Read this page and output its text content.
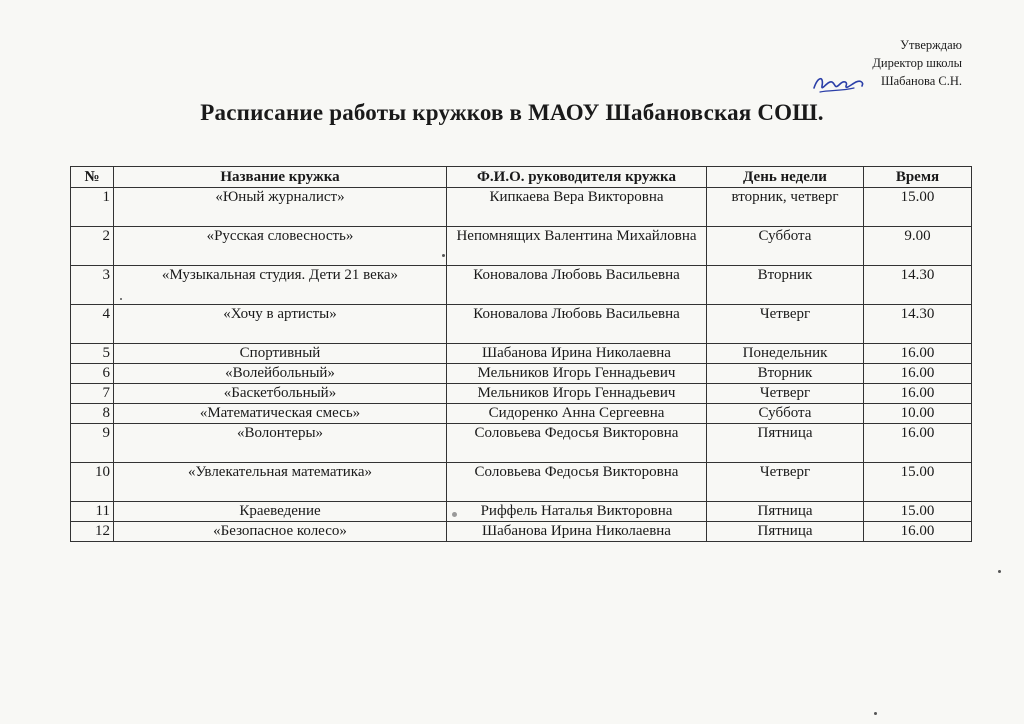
Утверждаю
Директор школы
Шабанова С.Н.
Расписание работы кружков в МАОУ Шабановская СОШ.
№	Название кружка	Ф.И.О. руководителя кружка	День недели	Время
1	«Юный журналист»	Кипкаева Вера Викторовна	вторник, четверг	15.00
2	«Русская словесность»	Непомнящих Валентина Михайловна	Суббота	9.00
3	«Музыкальная студия. Дети 21 века»	Коновалова Любовь Васильевна	Вторник	14.30
4	«Хочу в артисты»	Коновалова Любовь Васильевна	Четверг	14.30
5	Спортивный	Шабанова Ирина Николаевна	Понедельник	16.00
6	«Волейбольный»	Мельников Игорь Геннадьевич	Вторник	16.00
7	«Баскетбольный»	Мельников Игорь Геннадьевич	Четверг	16.00
8	«Математическая смесь»	Сидоренко Анна Сергеевна	Суббота	10.00
9	«Волонтеры»	Соловьева Федосья Викторовна	Пятница	16.00
10	«Увлекательная математика»	Соловьева Федосья Викторовна	Четверг	15.00
11	Краеведение	Риффель Наталья Викторовна	Пятница	15.00
12	«Безопасное колесо»	Шабанова Ирина Николаевна	Пятница	16.00
